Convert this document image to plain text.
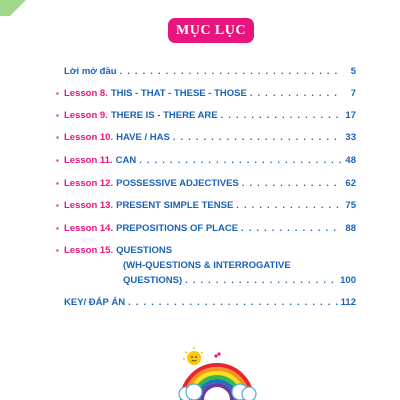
MỤC LỤC
Lời mở đầu . . .	5
▪ Lesson 8. THIS - THAT - THESE - THOSE . . .	7
▪ Lesson 9. THERE IS - THERE ARE . . .	17
▪ Lesson 10. HAVE / HAS . . .	33
▪ Lesson 11. CAN . . .	48
▪ Lesson 12. POSSESSIVE ADJECTIVES . . .	62
▪ Lesson 13. PRESENT SIMPLE TENSE . . .	75
▪ Lesson 14. PREPOSITIONS OF PLACE . . .	88
▪ Lesson 15. QUESTIONS
(WH-QUESTIONS & INTERROGATIVE
QUESTIONS) . . .	100
KEY/ ĐÁP ÁN . . .	112
